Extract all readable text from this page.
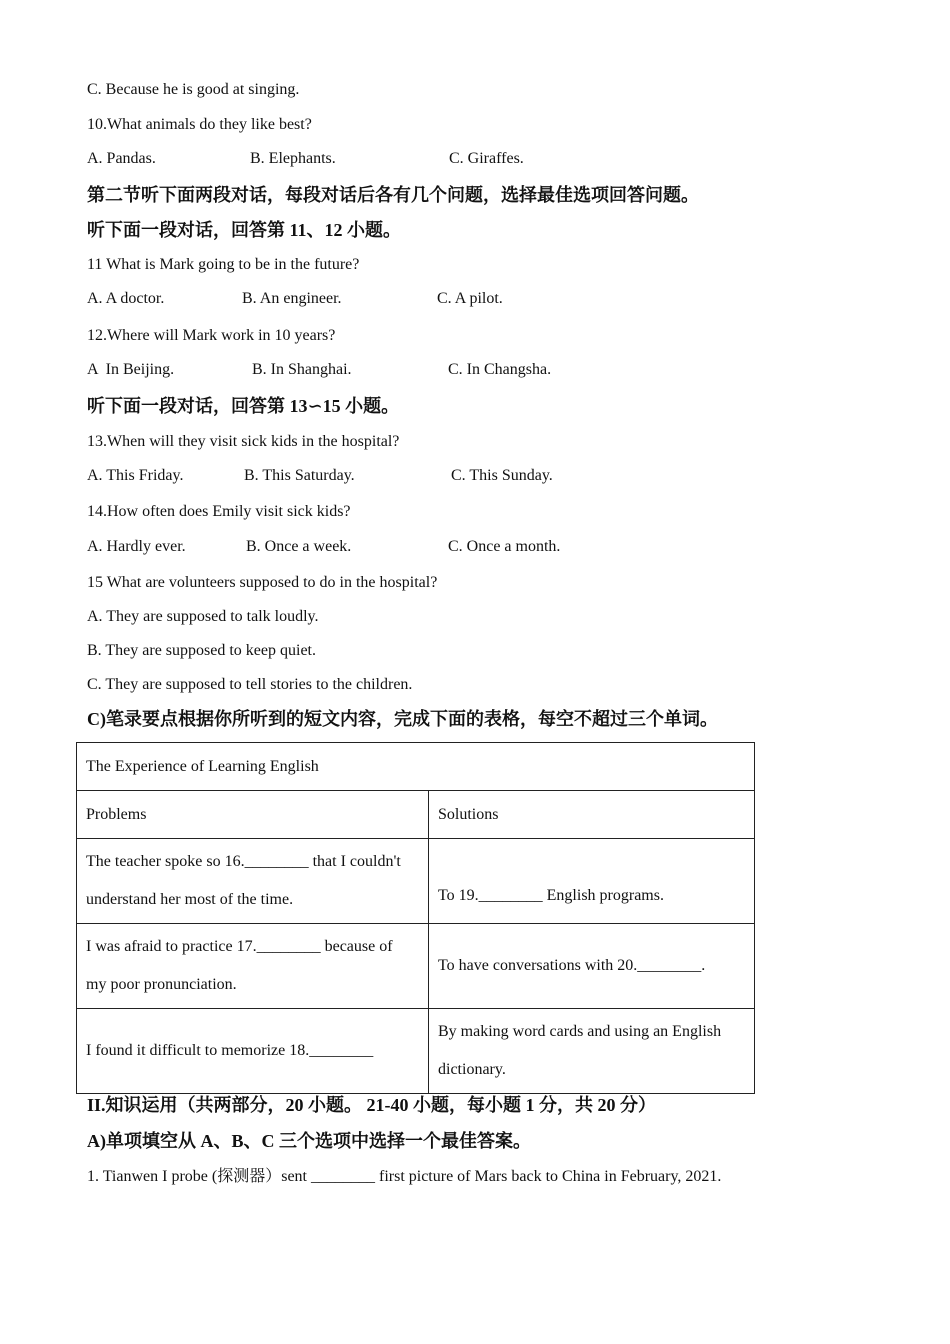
C. Because he is good at singing.
10.What animals do they like best?
A. Pandas.	B. Elephants.	C. Giraffes.
第二节听下面两段对话，每段对话后各有几个问题，选择最佳选项回答问题。
听下面一段对话，回答第 11、12 小题。
11 What is Mark going to be in the future?
A. A doctor.	B. An engineer.	C. A pilot.
12.Where will Mark work in 10 years?
A  In Beijing.	B. In Shanghai.	C. In Changsha.
听下面一段对话，回答第 13∽15 小题。
13.When will they visit sick kids in the hospital?
A. This Friday.	B. This Saturday.	C. This Sunday.
14.How often does Emily visit sick kids?
A. Hardly ever.	B. Once a week.	C. Once a month.
15 What are volunteers supposed to do in the hospital?
A. They are supposed to talk loudly.
B. They are supposed to keep quiet.
C. They are supposed to tell stories to the children.
C)笔录要点根据你所听到的短文内容，完成下面的表格，每空不超过三个单词。
The Experience of Learning English	
Problems	Solutions

The teacher spoke so 16.________ that I couldn't
understand her most of the time.	To 19.________ English programs.

I was afraid to practice 17.________ because of
my poor pronunciation.	To have conversations with 20.________.

I found it difficult to memorize 18.________	By making word cards and using an English
dictionary.
II.知识运用（共两部分，20 小题。 21-40 小题，每小题 1 分，共 20 分）
A)单项填空从 A、B、C 三个选项中选择一个最佳答案。
1. Tianwen I probe (探测器）sent ________ first picture of Mars back to China in February, 2021.
